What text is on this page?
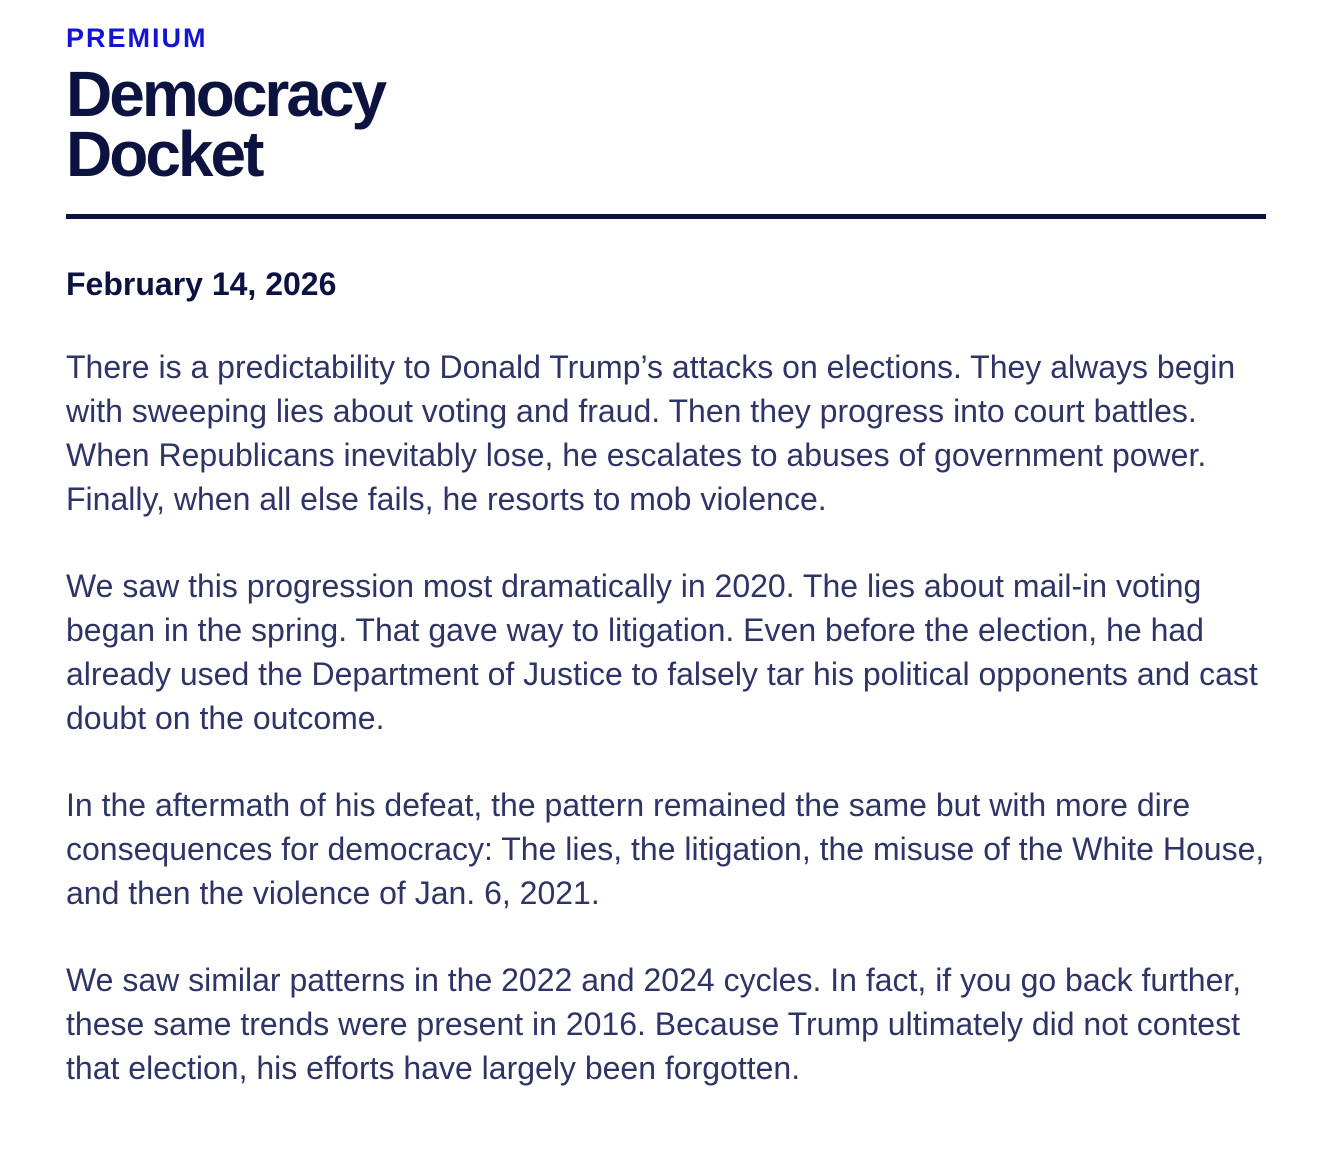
PREMIUM
Democracy
Docket
February 14, 2026

There is a predictability to Donald Trump’s attacks on elections. They always begin with sweeping lies about voting and fraud. Then they progress into court battles. When Republicans inevitably lose, he escalates to abuses of government power. Finally, when all else fails, he resorts to mob violence.

We saw this progression most dramatically in 2020. The lies about mail-in voting began in the spring. That gave way to litigation. Even before the election, he had already used the Department of Justice to falsely tar his political opponents and cast doubt on the outcome.

In the aftermath of his defeat, the pattern remained the same but with more dire consequences for democracy: The lies, the litigation, the misuse of the White House, and then the violence of Jan. 6, 2021.

We saw similar patterns in the 2022 and 2024 cycles. In fact, if you go back further, these same trends were present in 2016. Because Trump ultimately did not contest that election, his efforts have largely been forgotten.
